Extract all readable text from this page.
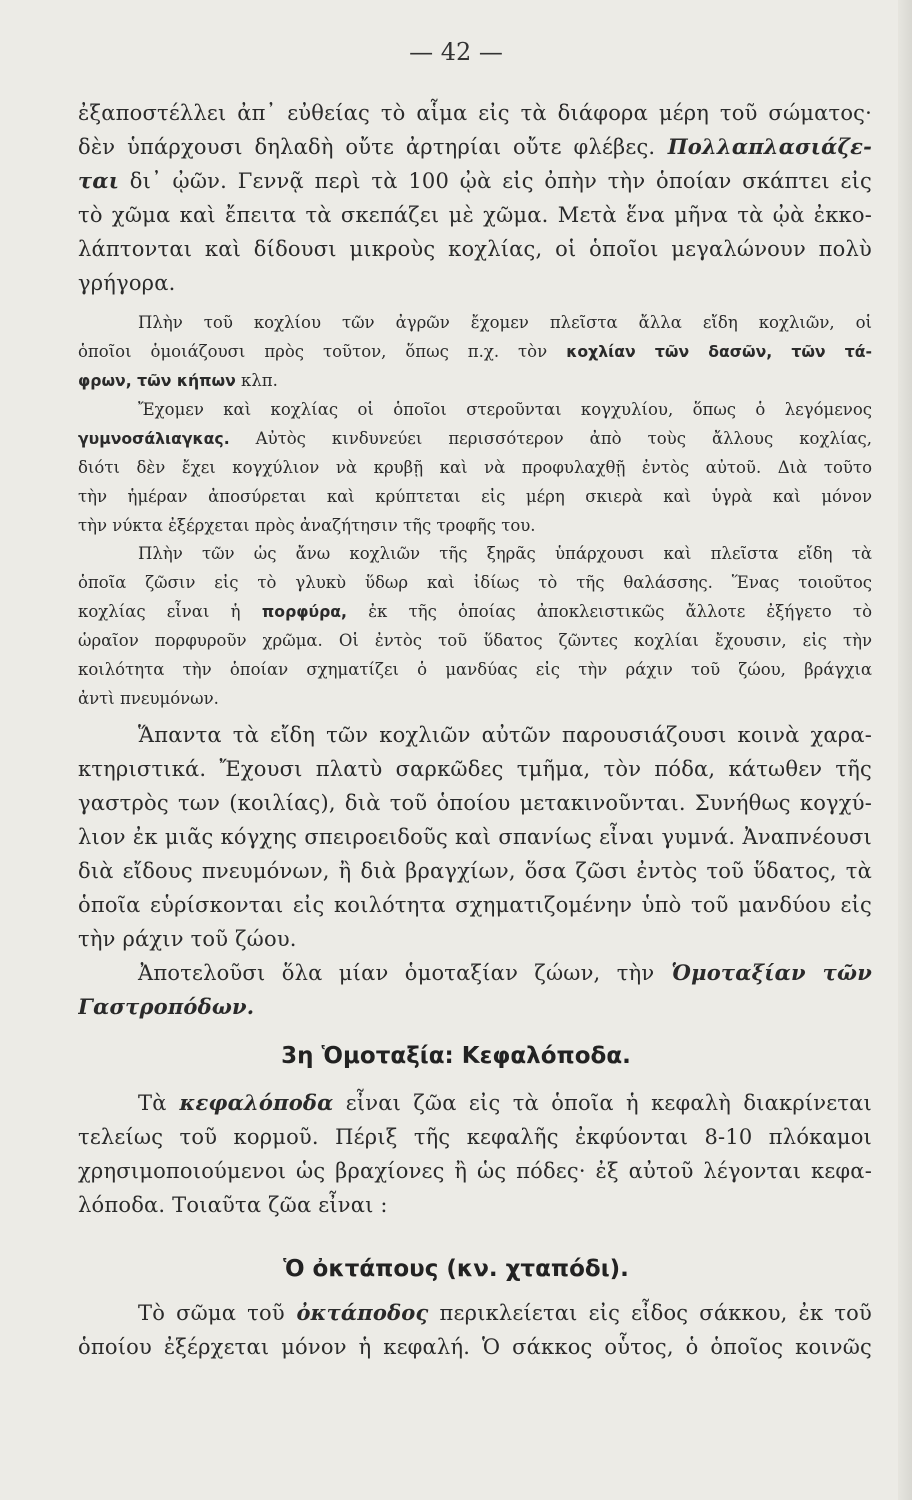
— 42 —
ἐξαποστέλλει ἀπ᾽ εὐθείας τὸ αἷμα εἰς τὰ διάφορα μέρη τοῦ σώματος·
δὲν ὑπάρχουσι δηλαδὴ οὔτε ἀρτηρίαι οὔτε φλέβες. Πολλαπλασιάζε-
ται δι᾽ ᾠῶν. Γεννᾷ περὶ τὰ 100 ᾠὰ εἰς ὀπὴν τὴν ὁποίαν σκάπτει εἰς
τὸ χῶμα καὶ ἔπειτα τὰ σκεπάζει μὲ χῶμα. Μετὰ ἕνα μῆνα τὰ ᾠὰ ἐκκο-
λάπτονται καὶ δίδουσι μικροὺς κοχλίας, οἱ ὁποῖοι μεγαλώνουν πολὺ
γρήγορα.
Πλὴν τοῦ κοχλίου τῶν ἀγρῶν ἔχομεν πλεῖστα ἄλλα εἴδη κοχλιῶν, οἱ
ὁποῖοι ὁμοιάζουσι πρὸς τοῦτον, ὅπως π.χ. τὸν κοχλίαν τῶν δασῶν, τῶν τά-
φρων, τῶν κήπων κλπ.
Ἔχομεν καὶ κοχλίας οἱ ὁποῖοι στεροῦνται κογχυλίου, ὅπως ὁ λεγόμενος
γυμνοσάλιαγκας. Αὐτὸς κινδυνεύει περισσότερον ἀπὸ τοὺς ἄλλους κοχλίας,
διότι δὲν ἔχει κογχύλιον νὰ κρυβῇ καὶ νὰ προφυλαχθῇ ἐντὸς αὐτοῦ. Διὰ τοῦτο
τὴν ἡμέραν ἀποσύρεται καὶ κρύπτεται εἰς μέρη σκιερὰ καὶ ὑγρὰ καὶ μόνον
τὴν νύκτα ἐξέρχεται πρὸς ἀναζήτησιν τῆς τροφῆς του.
Πλὴν τῶν ὡς ἄνω κοχλιῶν τῆς ξηρᾶς ὑπάρχουσι καὶ πλεῖστα εἴδη τὰ
ὁποῖα ζῶσιν εἰς τὸ γλυκὺ ὕδωρ καὶ ἰδίως τὸ τῆς θαλάσσης. Ἕνας τοιοῦτος
κοχλίας εἶναι ἡ πορφύρα, ἐκ τῆς ὁποίας ἀποκλειστικῶς ἄλλοτε ἐξήγετο τὸ
ὡραῖον πορφυροῦν χρῶμα. Οἱ ἐντὸς τοῦ ὕδατος ζῶντες κοχλίαι ἔχουσιν, εἰς τὴν
κοιλότητα τὴν ὁποίαν σχηματίζει ὁ μανδύας εἰς τὴν ράχιν τοῦ ζώου, βράγχια
ἀντὶ πνευμόνων.
Ἅπαντα τὰ εἴδη τῶν κοχλιῶν αὐτῶν παρουσιάζουσι κοινὰ χαρα-
κτηριστικά. Ἔχουσι πλατὺ σαρκῶδες τμῆμα, τὸν πόδα, κάτωθεν τῆς
γαστρὸς των (κοιλίας), διὰ τοῦ ὁποίου μετακινοῦνται. Συνήθως κογχύ-
λιον ἐκ μιᾶς κόγχης σπειροειδοῦς καὶ σπανίως εἶναι γυμνά. Ἀναπνέουσι
διὰ εἴδους πνευμόνων, ἢ διὰ βραγχίων, ὅσα ζῶσι ἐντὸς τοῦ ὕδατος, τὰ
ὁποῖα εὑρίσκονται εἰς κοιλότητα σχηματιζομένην ὑπὸ τοῦ μανδύου εἰς
τὴν ράχιν τοῦ ζώου.
Ἀποτελοῦσι ὅλα μίαν ὁμοταξίαν ζώων, τὴν Ὁμοταξίαν τῶν
Γαστροπόδων.
3η Ὁμοταξία: Κεφαλόποδα.
Τὰ κεφαλόποδα εἶναι ζῶα εἰς τὰ ὁποῖα ἡ κεφαλὴ διακρίνεται
τελείως τοῦ κορμοῦ. Πέριξ τῆς κεφαλῆς ἐκφύονται 8-10 πλόκαμοι
χρησιμοποιούμενοι ὡς βραχίονες ἢ ὡς πόδες· ἐξ αὐτοῦ λέγονται κεφα-
λόποδα. Τοιαῦτα ζῶα εἶναι :
Ὁ ὀκτάπους (κν. χταπόδι).
Τὸ σῶμα τοῦ ὀκτάποδος περικλείεται εἰς εἶδος σάκκου, ἐκ τοῦ
ὁποίου ἐξέρχεται μόνον ἡ κεφαλή. Ὁ σάκκος οὗτος, ὁ ὁποῖος κοινῶς
